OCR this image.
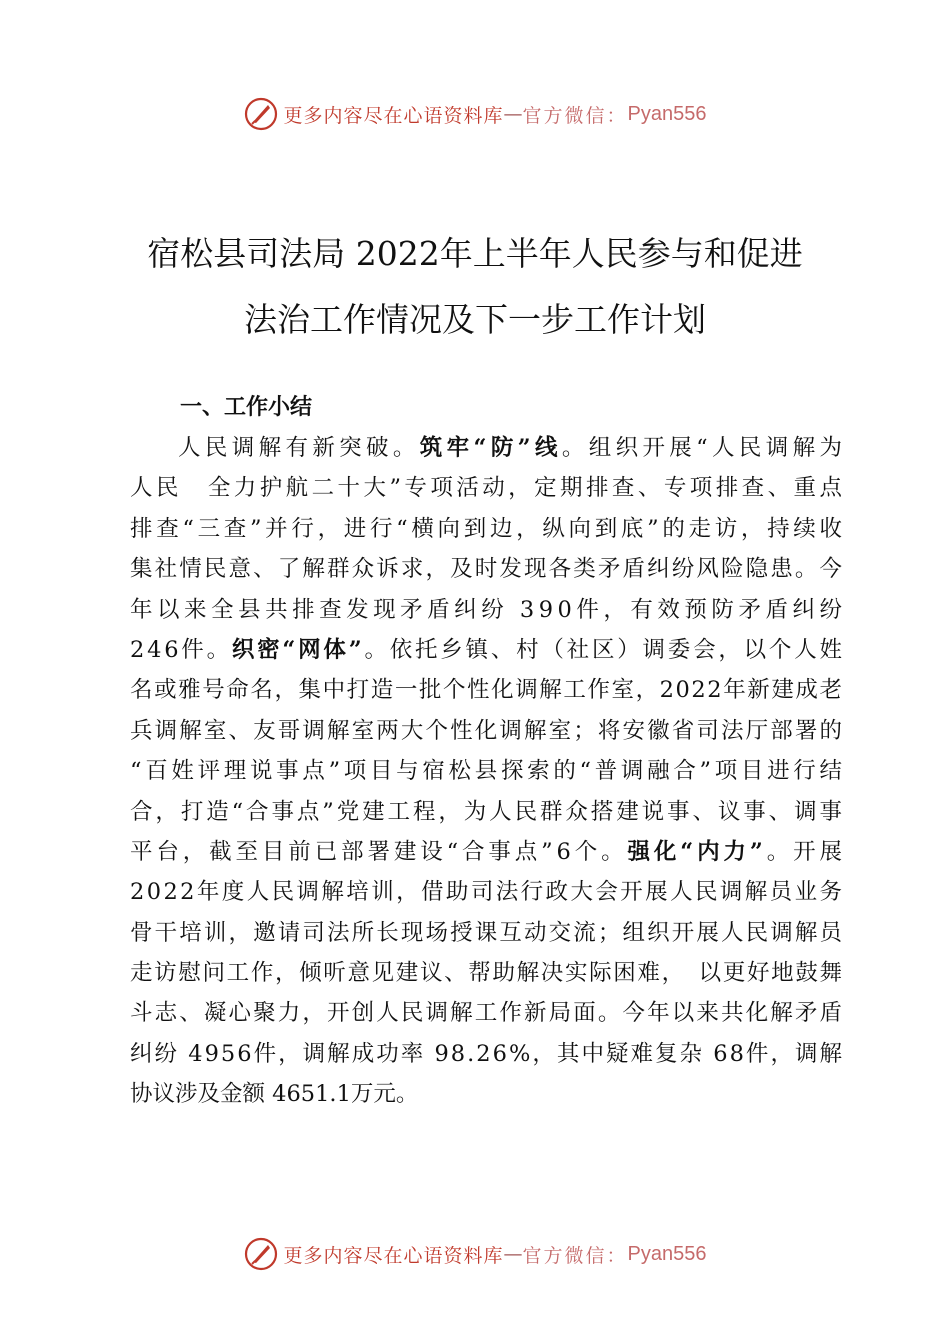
更多内容尽在心语资料库 — 官方微信： Pyan556
宿松县司法局 2022年上半年人民参与和促进
法治工作情况及下一步工作计划
一、工作小结
人民调解有新突破。筑牢“防”线。组织开展“人民调解为
人民　全力护航二十大”专项活动，定期排查、专项排查、重点
排查“三查”并行，进行“横向到边，纵向到底”的走访，持续收
集社情民意、了解群众诉求，及时发现各类矛盾纠纷风险隐患。今
年以来全县共排查发现矛盾纠纷 390件，有效预防矛盾纠纷
246件。织密“网体”。依托乡镇、村（社区）调委会，以个人姓
名或雅号命名，集中打造一批个性化调解工作室，2022年新建成老
兵调解室、友哥调解室两大个性化调解室；将安徽省司法厅部署的
“百姓评理说事点”项目与宿松县探索的“普调融合”项目进行结
合，打造“合事点”党建工程，为人民群众搭建说事、议事、调事
平台，截至目前已部署建设“合事点”6个。强化“内力”。开展
2022年度人民调解培训，借助司法行政大会开展人民调解员业务
骨干培训，邀请司法所长现场授课互动交流；组织开展人民调解员
走访慰问工作，倾听意见建议、帮助解决实际困难，　以更好地鼓舞
斗志、凝心聚力，开创人民调解工作新局面。今年以来共化解矛盾
纠纷 4956件，调解成功率 98.26%，其中疑难复杂 68件，调解
协议涉及金额 4651.1万元。
更多内容尽在心语资料库 — 官方微信： Pyan556
